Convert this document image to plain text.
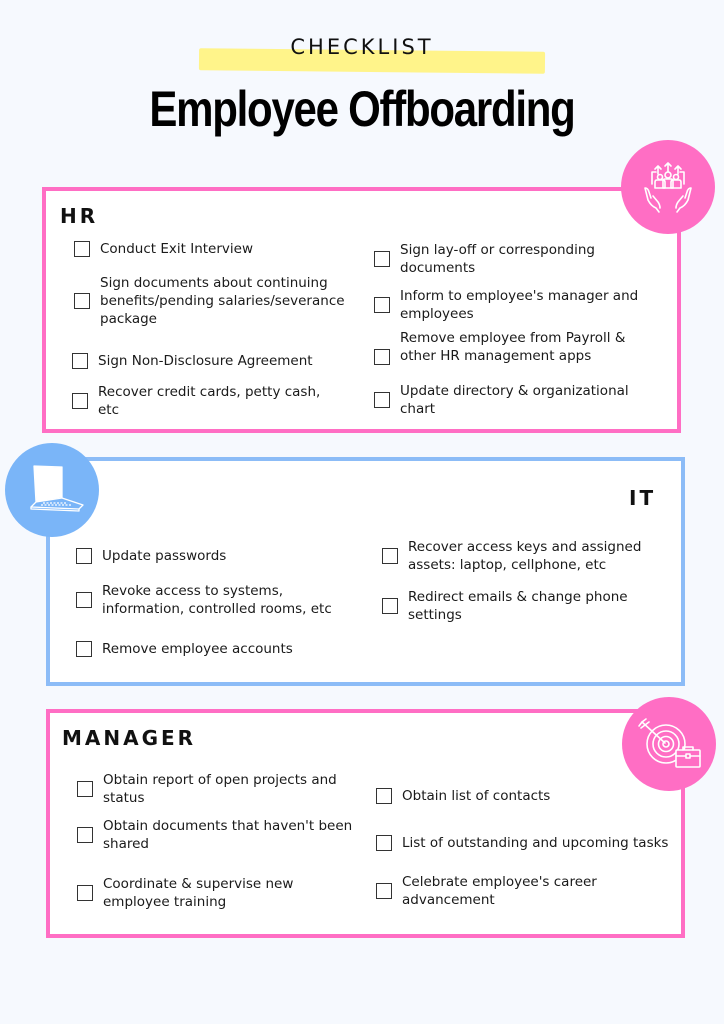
CHECKLIST
Employee Offboarding
HR
Conduct Exit Interview
Sign documents about continuing benefits/pending salaries/severance package
Sign Non-Disclosure Agreement
Recover credit cards, petty cash, etc
Sign lay-off or corresponding documents
Inform to employee's manager and employees
Remove employee from Payroll & other HR management apps
Update directory & organizational chart
IT
Update passwords
Revoke access to systems, information, controlled rooms, etc
Remove employee accounts
Recover access keys and assigned assets: laptop, cellphone, etc
Redirect emails & change phone settings
MANAGER
Obtain report of open projects and status
Obtain documents that haven't been shared
Coordinate & supervise new employee training
Obtain list of contacts
List of outstanding and upcoming tasks
Celebrate employee's career advancement
